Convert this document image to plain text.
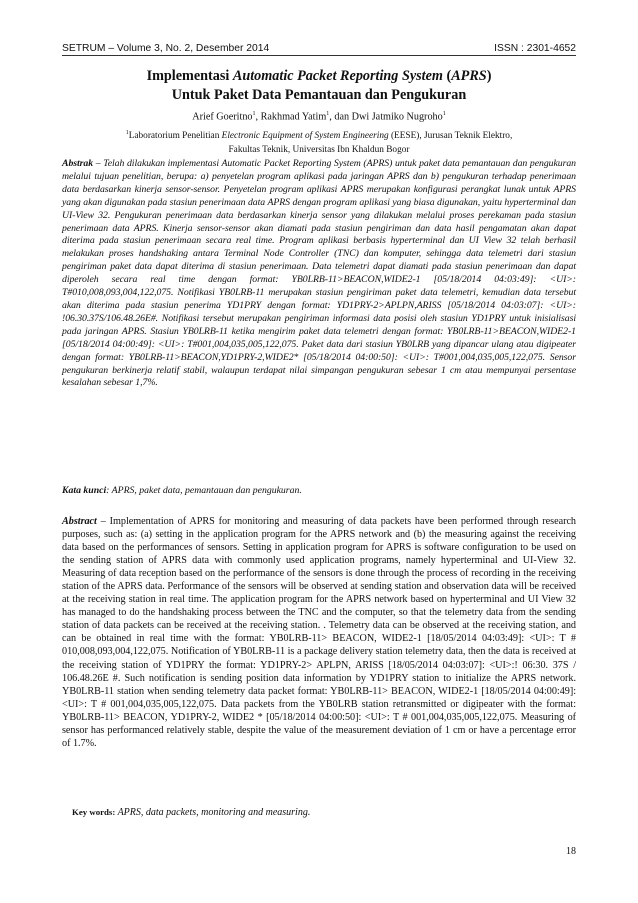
SETRUM – Volume 3, No. 2, Desember 2014	ISSN : 2301-4652
Implementasi Automatic Packet Reporting System (APRS)
Untuk Paket Data Pemantauan dan Pengukuran
Arief Goeritno$^1$, Rakhmad Yatim$^1$, dan Dwi Jatmiko Nugroho$^1$
$^1$Laboratorium Penelitian Electronic Equipment of System Engineering (EESE), Jurusan Teknik Elektro,
Fakultas Teknik, Universitas Ibn Khaldun Bogor
Abstrak – Telah dilakukan implementasi Automatic Packet Reporting System (APRS) untuk paket data pemantauan dan pengukuran melalui tujuan penelitian, berupa: a) penyetelan program aplikasi pada jaringan APRS dan b) pengukuran terhadap penerimaan data berdasarkan kinerja sensor-sensor. Penyetelan program aplikasi APRS merupakan konfigurasi perangkat lunak untuk APRS yang akan digunakan pada stasiun penerimaan data APRS dengan program aplikasi yang biasa digunakan, yaitu hyperterminal dan UI-View 32. Pengukuran penerimaan data berdasarkan kinerja sensor yang dilakukan melalui proses perekaman pada stasiun penerimaan data APRS. Kinerja sensor-sensor akan diamati pada stasiun pengiriman dan data hasil pengamatan akan dapat diterima pada stasiun penerimaan secara real time. Program aplikasi berbasis hyperterminal dan UI View 32 telah berhasil melakukan proses handshaking antara Terminal Node Controller (TNC) dan komputer, sehingga data telemetri dari stasiun pengiriman paket data dapat diterima di stasiun penerimaan. Data telemetri dapat diamati pada stasiun penerimaan dan dapat diperoleh secara real time dengan format: YB0LRB-11>BEACON,WIDE2-1 [05/18/2014 04:03:49]: <UI>: T#010,008,093,004,122,075. Notifikasi YB0LRB-11 merupakan stasiun pengiriman paket data telemetri, kemudian data tersebut akan diterima pada stasiun penerima YD1PRY dengan format: YD1PRY-2>APLPN,ARISS [05/18/2014 04:03:07]: <UI>: !06.30.37S/106.48.26E#. Notifikasi tersebut merupakan pengiriman informasi data posisi oleh stasiun YD1PRY untuk inisialisasi pada jaringan APRS. Stasiun YB0LRB-11 ketika mengirim paket data telemetri dengan format: YB0LRB-11>BEACON,WIDE2-1 [05/18/2014 04:00:49]: <UI>: T#001,004,035,005,122,075. Paket data dari stasiun YB0LRB yang dipancar ulang atau digipeater dengan format: YB0LRB-11>BEACON,YD1PRY-2,WIDE2* [05/18/2014 04:00:50]: <UI>: T#001,004,035,005,122,075. Sensor pengukuran berkinerja relatif stabil, walaupun terdapat nilai simpangan pengukuran sebesar 1 cm atau mempunyai persentase kesalahan sebesar 1,7%.
Kata kunci: APRS, paket data, pemantauan dan pengukuran.
Abstract – Implementation of APRS for monitoring and measuring of data packets have been performed through research purposes, such as: (a) setting in the application program for the APRS network and (b) the measuring against the receiving data based on the performances of sensors. Setting in application program for APRS is software configuration to be used on the sending station of APRS data with commonly used application programs, namely hyperterminal and UI-View 32. Measuring of data reception based on the performance of the sensors is done through the process of recording in the receiving station of the APRS data. Performance of the sensors will be observed at sending station and observation data will be received at the receiving station in real time. The application program for the APRS network based on hyperterminal and UI View 32 has managed to do the handshaking process between the TNC and the computer, so that the telemetry data from the sending station of data packets can be received at the receiving station. . Telemetry data can be observed at the receiving station, and can be obtained in real time with the format: YB0LRB-11> BEACON, WIDE2-1 [18/05/2014 04:03:49]: <UI>: T # 010,008,093,004,122,075. Notification of YB0LRB-11 is a package delivery station telemetry data, then the data is received at the receiving station of YD1PRY the format: YD1PRY-2> APLPN, ARISS [18/05/2014 04:03:07]: <UI>:! 06:30. 37S / 106.48.26E #. Such notification is sending position data information by YD1PRY station to initialize the APRS network. YB0LRB-11 station when sending telemetry data packet format: YB0LRB-11> BEACON, WIDE2-1 [18/05/2014 04:00:49]: <UI>: T # 001,004,035,005,122,075. Data packets from the YB0LRB station retransmitted or digipeater with the format: YB0LRB-11> BEACON, YD1PRY-2, WIDE2 * [05/18/2014 04:00:50]: <UI>: T # 001,004,035,005,122,075. Measuring of sensor has performanced relatively stable, despite the value of the measurement deviation of 1 cm or have a percentage error of 1.7%.
Key words: APRS, data packets, monitoring and measuring.
18
